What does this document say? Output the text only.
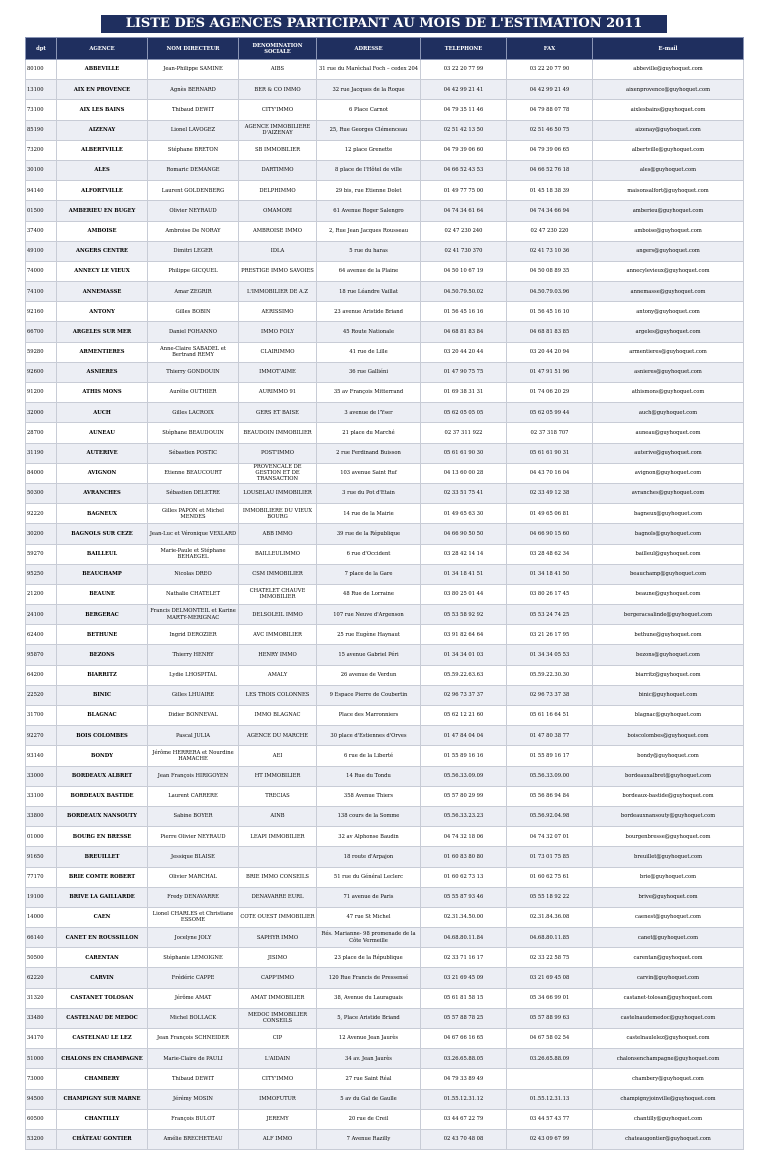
LISTE DES AGENCES PARTICIPANT AU MOIS DE L'ESTIMATION 2011
dpt	AGENCE	NOM DIRECTEUR	DENOMINATION SOCIALE	ADRESSE	TELEPHONE	FAX	E-mail
80100	ABBEVILLE	Jean-Philippe SAMINE	AIBS	31 rue du Maréchal Foch – cedex 204	03 22 20 77 99	03 22 20 77 90	abbeville@guyhoquet.com
13100	AIX EN PROVENCE	Agnès BERNARD	BER & CO IMMO	32 rue Jacques de la Roque	04 42 99 21 41	04 42 99 21 49	aixenprovence@guyhoquet.com
73100	AIX LES BAINS	Thibaud DEWIT	CITY'IMMO	6 Place Carnot	04 79 35 11 46	04 79 88 07 78	aixlesbains@guyhoquet.com
85190	AIZENAY	Lionel LAVOGEZ	AGENCE IMMOBILIERE D'AIZENAY	25, Rue Georges Clémenceau	02 51 42 13 50	02 51 46 50 75	aizenay@guyhoquet.com
73200	ALBERTVILLE	Stéphane BRETON	SB IMMOBILIER	12 place Grenette	04 79 39 06 60	04 79 39 06 65	albertville@guyhoquet.com
30100	ALES	Romaric DEMANGE	DARTIMMO	8 place de l'Hôtel de ville	04 66 52 43 53	04 66 52 76 18	ales@guyhoquet.com
94140	ALFORTVILLE	Laurent GOLDENBERG	DELPHIMMO	29 bis, rue Etienne Dolet	01 49 77 75 00	01 45 18 38 39	maisonsalfort@guyhoquet.com
01500	AMBERIEU EN BUGEY	Olivier NEYRAUD	OMAMORI	61 Avenue Roger Salengro	04 74 34 61 64	04 74 34 66 94	amberieu@guyhoquet.com
37400	AMBOISE	Ambroise De NORAY	AMBROISE IMMO	2, Rue Jean Jacques Rousseau	02 47 230 240	02 47 230 220	amboise@guyhoquet.com
49100	ANGERS CENTRE	Dimitri LEGER	IDLA	5 rue du haras	02 41 730 370	02 41 73 10 36	angers@guyhoquet.com
74000	ANNECY LE VIEUX	Philippe GICQUEL	PRESTIGE IMMO SAVOIES	64 avenue de la Plaine	04 50 10 67 19	04 50 08 89 35	annecylevieux@guyhoquet.com
74100	ANNEMASSE	Amar ZEGRIR	L'IMMOBILIER DE A.Z	18 rue Léandre Vaillat	04.50.79.50.02	04.50.79.03.96	annemasse@guyhoquet.com
92160	ANTONY	Gilles BOBIN	AERISSIMO	23 avenue Aristide Briand	01 56 45 16 16	01 56 45 16 10	antony@guyhoquet.com
66700	ARGELES SUR MER	Daniel FOHANNO	IMMO FOLY	45 Route Nationale	04 68 81 83 84	04 68 81 83 85	argeles@guyhoquet.com
59280	ARMENTIERES	Anne-Claire SABADEL et Bertrand REMY	CLAIRIMMO	41 rue de Lille	03 20 44 20 44	03 20 44 20 94	armentieres@guyhoquet.com
92600	ASNIERES	Thierry GONDOUIN	IMMOT'AIME	36 rue Galliéni	01 47 90 75 75	01 47 91 51 96	asnieres@guyhoquet.com
91200	ATHIS MONS	Aurélie OUTHIER	AURIMMO 91	35 av François Mitterrand	01 69 38 31 31	01 74 06 20 29	athismons@guyhoquet.com
32000	AUCH	Gilles LACROIX	GERS ET BAISE	3 avenue de l'Yser	05 62 05 05 05	05 62 05 99 44	auch@guyhoquet.com
28700	AUNEAU	Stéphane BEAUDOUIN	BEAUDOIN IMMOBILIER	21 place du Marché	02 37 311 922	02 37 318 707	auneau@guyhoquet.com
31190	AUTERIVE	Sébastien POSTIC	POST'IMMO	2 rue Ferdinand Buisson	05 61 61 90 30	05 61 61 90 31	auterive@guyhoquet.com
84000	AVIGNON	Etienne BEAUCOURT	PROVENCALE DE GESTION ET DE TRANSACTION	103 avenue Saint Ruf	04 13 60 00 28	04 43 70 16 04	avignon@guyhoquet.com
50300	AVRANCHES	Sébastien DELETRE	LOUSELAU IMMOBILIER	3 rue du Pot d'Etain	02 33 51 75 41	02 33 49 12 38	avranches@guyhoquet.com
92220	BAGNEUX	Gilles PAPON et Michel MENDES	IMMOBILIERE DU VIEUX BOURG	14 rue de la Mairie	01 49 65 63 30	01 49 65 06 81	bagneux@guyhoquet.com
30200	BAGNOLS SUR CEZE	Jean-Luc et Véronique VEXLARD	ABB IMMO	39 rue de la République	04 66 90 50 50	04 66 90 15 60	bagnols@guyhoquet.com
59270	BAILLEUL	Marie-Paule et Stéphane BEHAEGEL	BAILLEULIMMO	6 rue d'Occident	03 28 42 14 14	03 28 48 62 34	bailleul@guyhoquet.com
95250	BEAUCHAMP	Nicolas DREO	CSM IMMOBILIER	7 place de la Gare	01 34 18 41 51	01 34 18 41 50	beauchamp@guyhoquet.com
21200	BEAUNE	Nathalie CHATELET	CHATELET CHAUVE IMMOBILIER	48 Rue de Lorraine	03 80 25 01 44	03 80 26 17 45	beaune@guyhoquet.com
24100	BERGERAC	Francis DELMONTEIL et Karine MARTY-MERIGNAC	DELSOLEIL IMMO	107 rue Neuve d'Argenson	05 53 58 92 92	05 53 24 74 25	bergeracsalinde@guyhoquet.com
62400	BETHUNE	Ingrid DEROZIER	AVC IMMOBILIER	25 rue Eugène Haynaut	03 91 82 64 64	03 21 26 17 95	bethune@guyhoquet.com
95870	BEZONS	Thierry HENRY	HENRY IMMO	15 avenue Gabriel Péri	01 34 34 01 03	01 34 34 05 53	bezons@guyhoquet.com
64200	BIARRITZ	Lydie LHOSPITAL	AMALY	26 avenue de Verdun	05.59.22.63.63	05.59.22.30.30	biarritz@guyhoquet.com
22520	BINIC	Gilles LHUAIRE	LES TROIS COLONNES	9 Espace Pierre de Coubertin	02 96 73 37 37	02 96 73 37 38	binic@guyhoquet.com
31700	BLAGNAC	Didier BONNEVAL	IMMO BLAGNAC	Place des Marronniers	05 62 12 21 60	05 61 16 64 51	blagnac@guyhoquet.com
92270	BOIS COLOMBES	Pascal JULIA	AGENCE DU MARCHE	30 place d'Estiennes d'Orves	01 47 84 04 04	01 47 80 38 77	boiscolombes@guyhoquet.com
93140	BONDY	Jérôme HERRERA et Nourdine HAMACHE	AEI	6 rue de la Liberté	01 55 89 16 16	01 55 89 16 17	bondy@guyhoquet.com
33000	BORDEAUX ALBRET	Jean François HIRIGOYEN	HT IMMOBILIER	14 Rue du Tondu	05.56.33.09.09	05.56.33.09.00	bordeauxalbret@guyhoquet.com
33100	BORDEAUX BASTIDE	Laurent CARRERE	TRECIAS	358 Avenue Thiers	05 57 80 29 99	05 56 86 94 84	bordeaux-bastide@guyhoquet.com
33800	BORDEAUX NANSOUTY	Sabine BOYER	AINB	138 cours de la Somme	05.56.33.23.23	05.56.92.04.98	bordeauxnansouty@guyhoquet.com
01000	BOURG EN BRESSE	Pierre Olivier NEYRAUD	LEAPI IMMOBILIER	32 av Alphonse Baudin	04 74 32 18 06	04 74 32 07 01	bourgenbresse@guyhoquet.com
91650	BREUILLET	Jessique BLAISE		18 route d'Arpajon	01 60 83 80 80	01 73 01 75 85	breuillet@guyhoquet.com
77170	BRIE COMTE ROBERT	Olivier MARCHAL	BRIE IMMO CONSEILS	51 rue du Général Leclerc	01 60 62 73 13	01 60 62 75 61	brie@guyhoquet.com
19100	BRIVE LA GAILLARDE	Fredy DENAVARRE	DENAVARRE EURL	71 avenue de Paris	05 55 87 93 46	05 55 18 92 22	brive@guyhoquet.com
14000	CAEN	Lionel CHARLES et Christiane ESSOME	COTE OUEST IMMOBILIER	47 rue St Michel	02.31.34.50.00	02.31.84.36.08	caenest@guyhoquet.com
66140	CANET EN ROUSSILLON	Jocelyne JOLY	SAPHYR IMMO	Rés. Marianne- 98 promenade de la Côte Vermeille	04.68.80.11.84	04.68.80.11.85	canet@guyhoquet.com
50500	CARENTAN	Stéphanie LEMOIGNE	JISIMO	23 place de la République	02 33 71 16 17	02 33 22 58 75	carentan@guyhoquet.com
62220	CARVIN	Frédéric CAPPE	CAPP'IMMO	120 Rue Francis de Pressensé	03 21 69 45 09	03 21 69 45 08	carvin@guyhoquet.com
31320	CASTANET TOLOSAN	Jérôme AMAT	AMAT IMMOBILIER	38, Avenue du Lauraguais	05 61 81 58 15	05 34 66 99 01	castanet-tolosan@guyhoquet.com
33480	CASTELNAU DE MEDOC	Michel BOLLACK	MEDOC IMMOBILIER CONSEILS	5, Place Aristide Briand	05 57 88 78 25	05 57 88 99 63	castelnaudemedoc@guyhoquet.com
34170	CASTELNAU LE LEZ	Jean François SCHNEIDER	CIP	12 Avenue Jean Jaurès	04 67 66 16 65	04 67 58 02 54	castelnaulelez@guyhoquet.com
51000	CHALONS EN CHAMPAGNE	Marie-Claire de PAULI	L'AIDAIN	34 av. Jean Jaurès	03.26.65.88.05	03.26.65.88.09	chalonsenchampagne@guyhoquet.com
73000	CHAMBERY	Thibaud DEWIT	CITY'IMMO	27 rue Saint Réal	04 79 33 89 49		chambery@guyhoquet.com
94500	CHAMPIGNY SUR MARNE	Jérémy MOSIN	IMMOFUTUR	5 av du Gal de Gaulle	01.55.12.31.12	01.55.12.31.13	champignyjoinville@guyhoquet.com
60500	CHANTILLY	François BULOT	JEREMY	20 rue de Creil	03 44 67 22 79	03 44 57 43 77	chantilly@guyhoquet.com
53200	CHÂTEAU GONTIER	Amélie BRECHETEAU	ALF IMMO	7 Avenue Razilly	02 43 70 48 08	02 43 09 67 99	chateaugontier@guyhoquet.com
